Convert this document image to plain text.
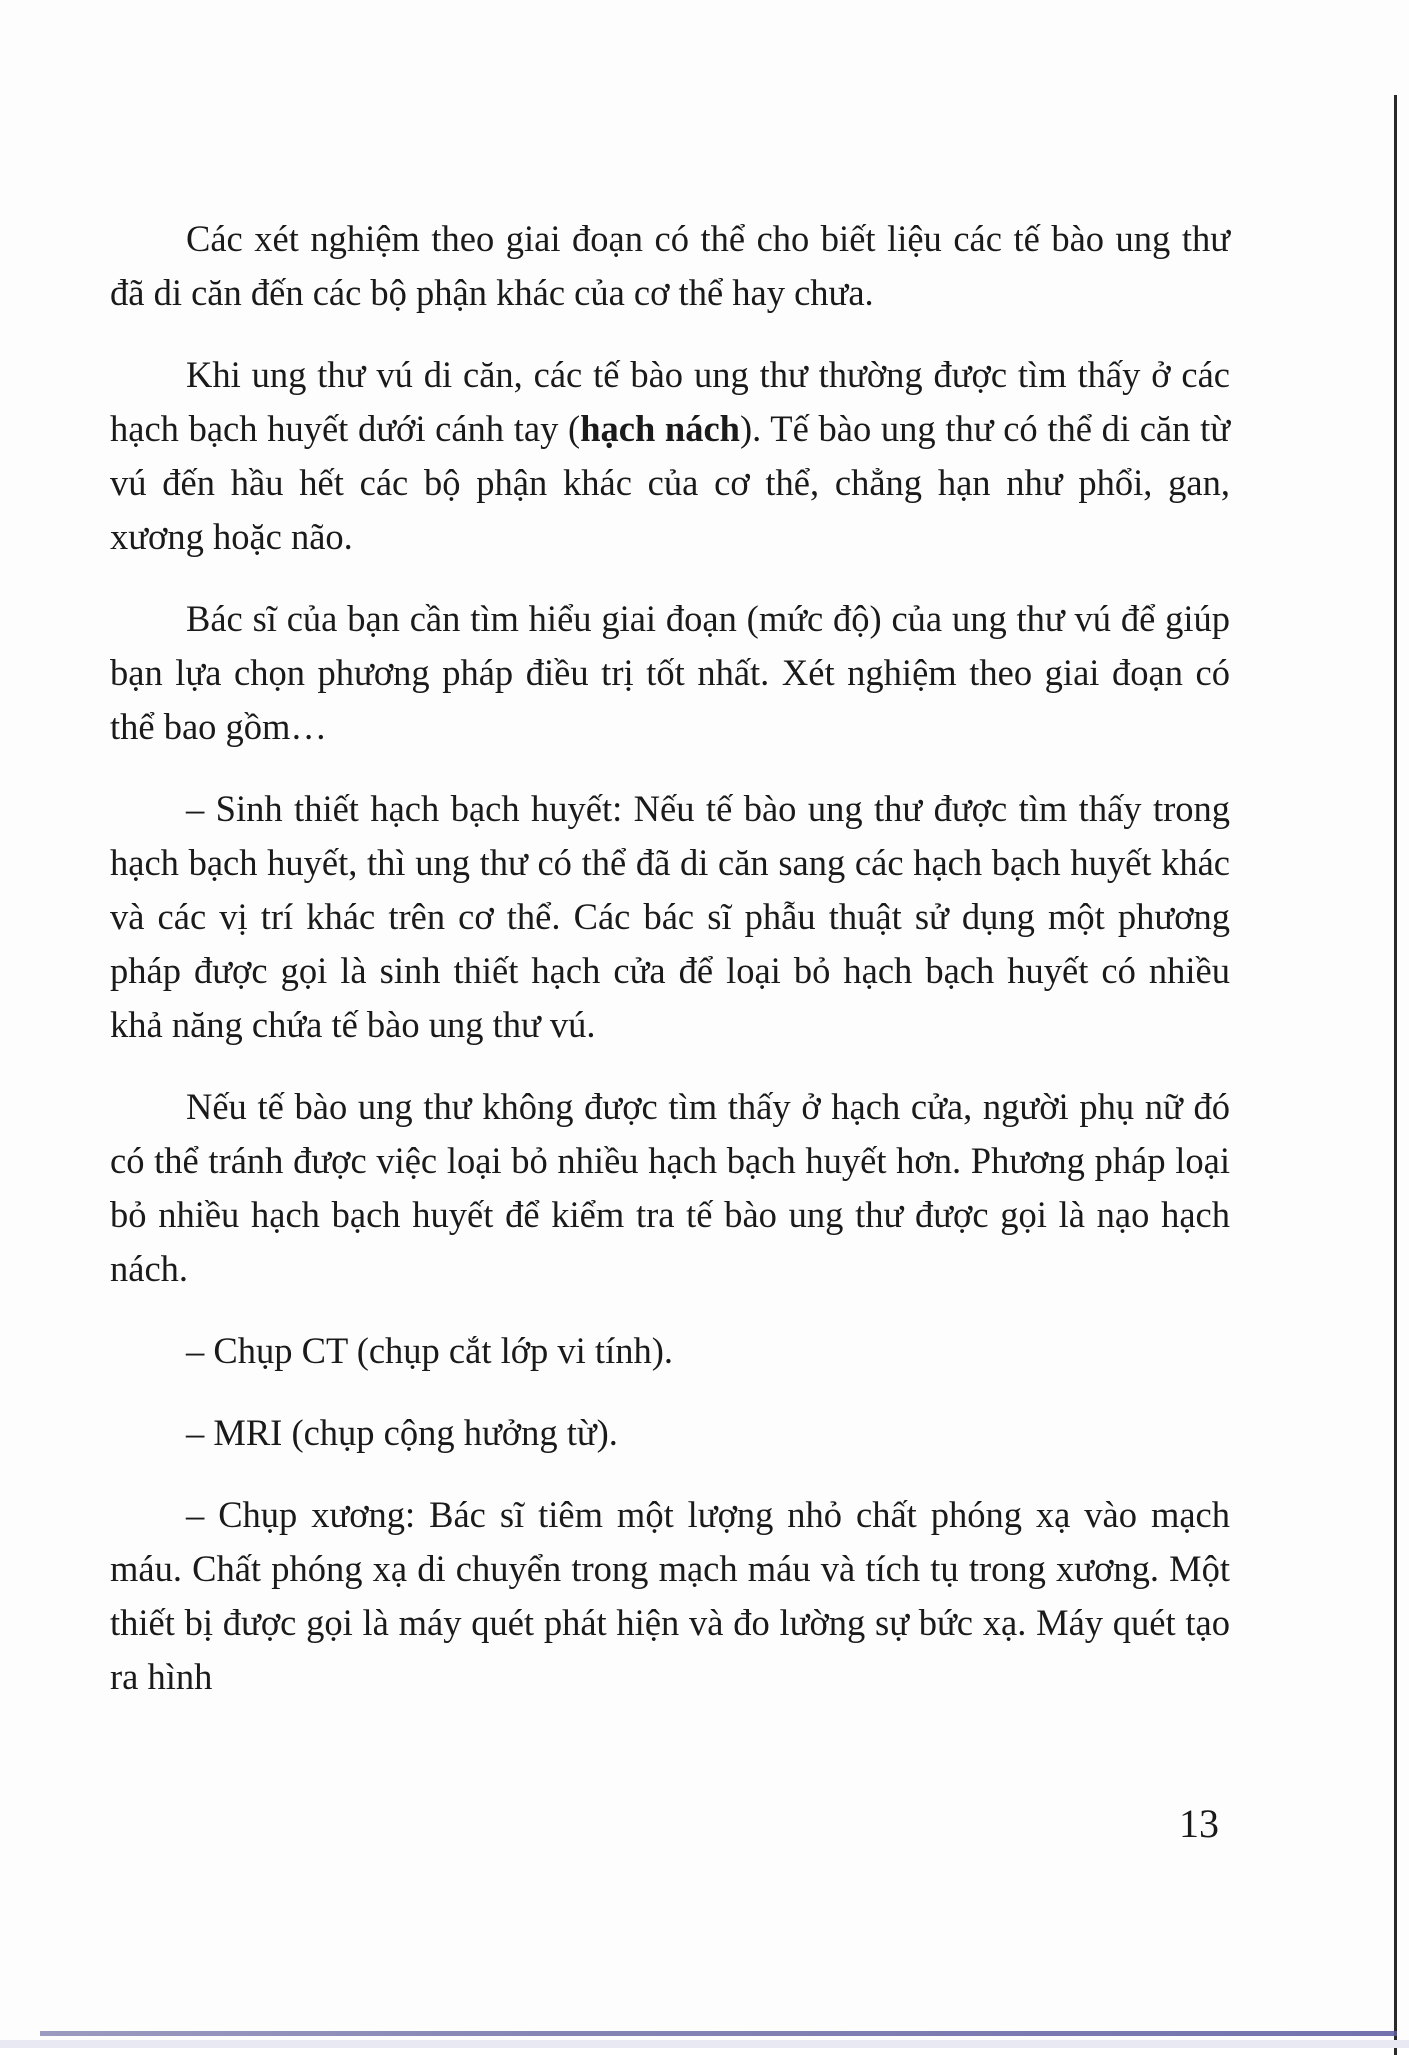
Các xét nghiệm theo giai đoạn có thể cho biết liệu các tế bào ung thư đã di căn đến các bộ phận khác của cơ thể hay chưa.

Khi ung thư vú di căn, các tế bào ung thư thường được tìm thấy ở các hạch bạch huyết dưới cánh tay (hạch nách). Tế bào ung thư có thể di căn từ vú đến hầu hết các bộ phận khác của cơ thể, chẳng hạn như phổi, gan, xương hoặc não.

Bác sĩ của bạn cần tìm hiểu giai đoạn (mức độ) của ung thư vú để giúp bạn lựa chọn phương pháp điều trị tốt nhất. Xét nghiệm theo giai đoạn có thể bao gồm…

– Sinh thiết hạch bạch huyết: Nếu tế bào ung thư được tìm thấy trong hạch bạch huyết, thì ung thư có thể đã di căn sang các hạch bạch huyết khác và các vị trí khác trên cơ thể. Các bác sĩ phẫu thuật sử dụng một phương pháp được gọi là sinh thiết hạch cửa để loại bỏ hạch bạch huyết có nhiều khả năng chứa tế bào ung thư vú.

Nếu tế bào ung thư không được tìm thấy ở hạch cửa, người phụ nữ đó có thể tránh được việc loại bỏ nhiều hạch bạch huyết hơn. Phương pháp loại bỏ nhiều hạch bạch huyết để kiểm tra tế bào ung thư được gọi là nạo hạch nách.

– Chụp CT (chụp cắt lớp vi tính).

– MRI (chụp cộng hưởng từ).

– Chụp xương: Bác sĩ tiêm một lượng nhỏ chất phóng xạ vào mạch máu. Chất phóng xạ di chuyển trong mạch máu và tích tụ trong xương. Một thiết bị được gọi là máy quét phát hiện và đo lường sự bức xạ. Máy quét tạo ra hình

13
